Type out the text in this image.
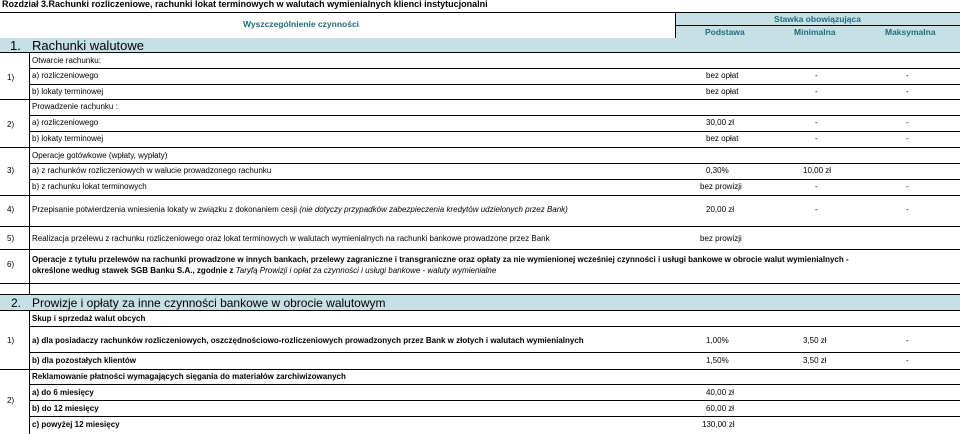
Rozdział 3.Rachunki rozliczeniowe, rachunki lokat terminowych w walutach wymienialnych klienci instytucjonalni
Wyszczególnienie czynności	Stawka obowiązująca
Podstawa	Minimalna	Maksymalna
1. Rachunki walutowe
1)
Otwarcie rachunku:
a) rozliczeniowego	bez opłat	-	-
b) lokaty terminowej	bez opłat	-	-
2)
Prowadzenie rachunku :
a) rozliczeniowego	30,00 zł	-	-
b) lokaty terminowej	bez opłat	-	-
3)
Operacje gotówkowe (wpłaty, wypłaty)
a) z rachunków rozliczeniowych w walucie prowadzonego rachunku	0,30%	10,00 zł
b) z rachunku lokat terminowych	bez prowizji	-	-
4) Przepisanie potwierdzenia wniesienia lokaty w związku z dokonaniem cesji (nie dotyczy przypadków zabezpieczenia kredytów udzielonych przez Bank)	20,00 zł	-	-
5) Realizacja przelewu z rachunku rozliczeniowego oraz lokat terminowych w walutach wymienialnych na rachunki bankowe prowadzone przez Bank	bez prowizji
6)
Operacje z tytułu przelewów na rachunki prowadzone w innych bankach, przelewy zagraniczne i transgraniczne oraz opłaty za nie wymienionej wcześniej czynności i usługi bankowe w obrocie walut wymienialnych -
określone według stawek SGB Banku S.A., zgodnie z Taryfą Prowizji i opłat za czynności i usługi bankowe - waluty wymienialne
2. Prowizje i opłaty za inne czynności bankowe w obrocie walutowym
1)
Skup i sprzedaż walut obcych
a) dla posiadaczy rachunków rozliczeniowych, oszczędnościowo-rozliczeniowych prowadzonych przez Bank w złotych i walutach wymienialnych	1,00%	3,50 zł	-
b) dla pozostałych klientów	1,50%	3,50 zł	-
2)
Reklamowanie płatności wymagających sięgania do materiałów zarchiwizowanych
a) do 6 miesięcy	40,00 zł
b) do 12 miesięcy	60,00 zł
c) powyżej 12 miesięcy	130,00 zł
